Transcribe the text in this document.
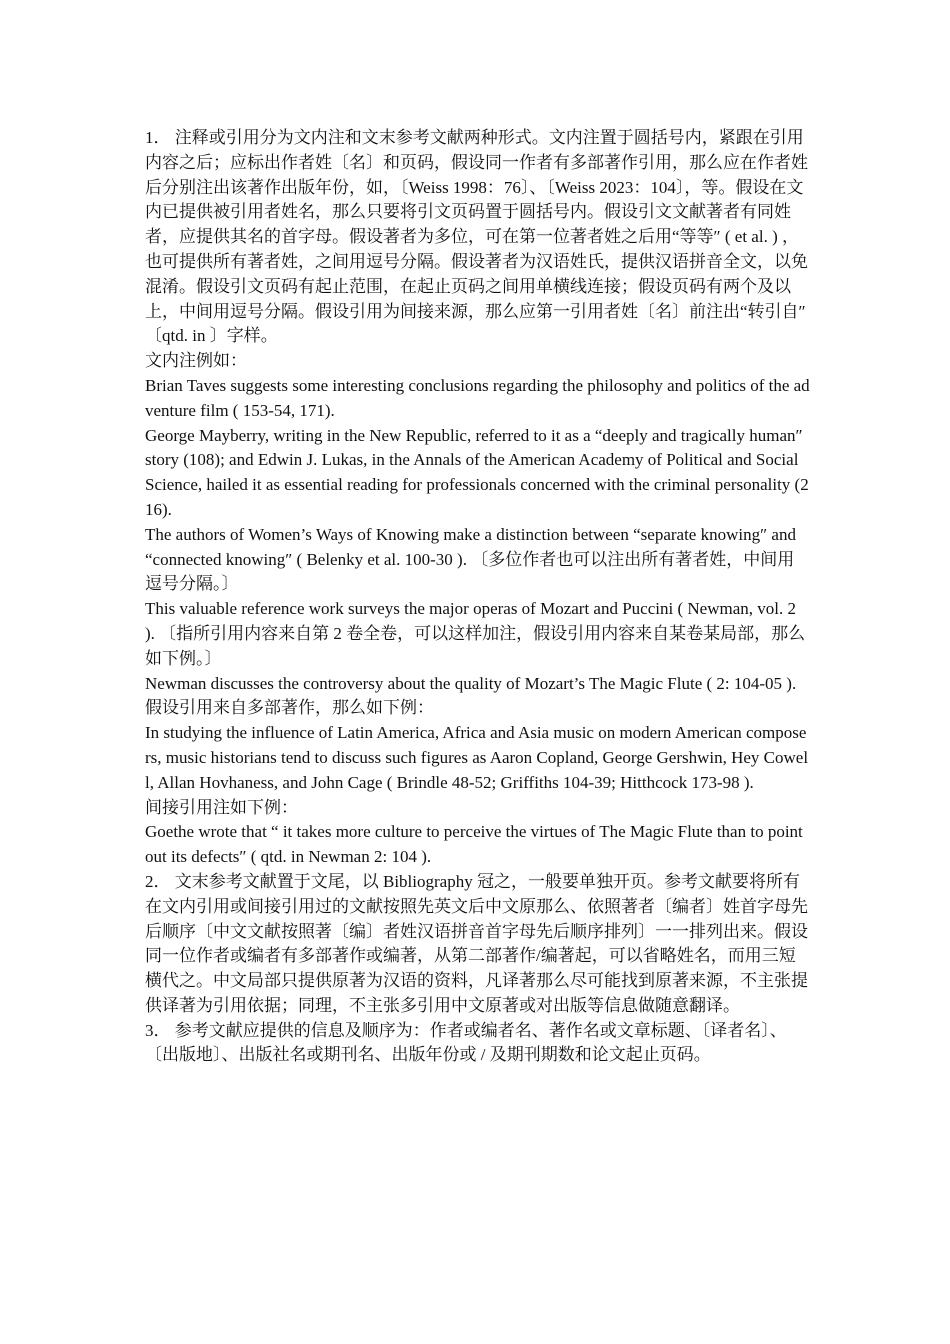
1． 注释或引用分为文内注和文末参考文献两种形式。文内注置于圆括号内，紧跟在引用内容之后；应标出作者姓〔名〕和页码，假设同一作者有多部著作引用，那么应在作者姓后分别注出该著作出版年份，如，〔Weiss 1998：76〕、〔Weiss 2023：104〕，等。假设在文内已提供被引用者姓名，那么只要将引文页码置于圆括号内。假设引文文献著者有同姓者，应提供其名的首字母。假设著者为多位，可在第一位著者姓之后用“等等″ ( et al. ) ，也可提供所有著者姓，之间用逗号分隔。假设著者为汉语姓氏，提供汉语拼音全文，以免混淆。假设引文页码有起止范围，在起止页码之间用单横线连接；假设页码有两个及以上，中间用逗号分隔。假设引用为间接来源，那么应第一引用者姓〔名〕前注出“转引自″ 〔qtd. in 〕字样。

文内注例如：

Brian Taves suggests some interesting conclusions regarding the philosophy and politics of the adventure film ( 153-54, 171).

George Mayberry, writing in the New Republic, referred to it as a “deeply and tragically human″ story (108); and Edwin J. Lukas, in the Annals of the American Academy of Political and Social Science, hailed it as essential reading for professionals concerned with the criminal personality (216).

The authors of Women’s Ways of Knowing make a distinction between “separate knowing″ and “connected knowing″ ( Belenky et al. 100-30 ). 〔多位作者也可以注出所有著者姓，中间用逗号分隔。〕

This valuable reference work surveys the major operas of Mozart and Puccini ( Newman, vol. 2 ). 〔指所引用内容来自第 2 卷全卷，可以这样加注，假设引用内容来自某卷某局部，那么如下例。〕

Newman discusses the controversy about the quality of Mozart’s The Magic Flute ( 2: 104-05 ).

假设引用来自多部著作，那么如下例：

In studying the influence of Latin America, Africa and Asia music on modern American composers, music historians tend to discuss such figures as Aaron Copland, George Gershwin, Hey Cowell, Allan Hovhaness, and John Cage ( Brindle 48-52; Griffiths 104-39; Hitthcock 173-98 ).

间接引用注如下例：

Goethe wrote that “ it takes more culture to perceive the virtues of The Magic Flute than to point out its defects″ ( qtd. in Newman 2: 104 ).

2． 文末参考文献置于文尾，以 Bibliography 冠之，一般要单独开页。参考文献要将所有在文内引用或间接引用过的文献按照先英文后中文原那么、依照著者〔编者〕姓首字母先后顺序〔中文文献按照著〔编〕者姓汉语拼音首字母先后顺序排列〕一一排列出来。假设同一位作者或编者有多部著作或编著，从第二部著作/编著起，可以省略姓名，而用三短横代之。中文局部只提供原著为汉语的资料，凡译著那么尽可能找到原著来源，不主张提供译著为引用依据；同理，不主张多引用中文原著或对出版等信息做随意翻译。

3． 参考文献应提供的信息及顺序为：作者或编者名、著作名或文章标题、〔译者名〕、

〔出版地〕、出版社名或期刊名、出版年份或 / 及期刊期数和论文起止页码。
